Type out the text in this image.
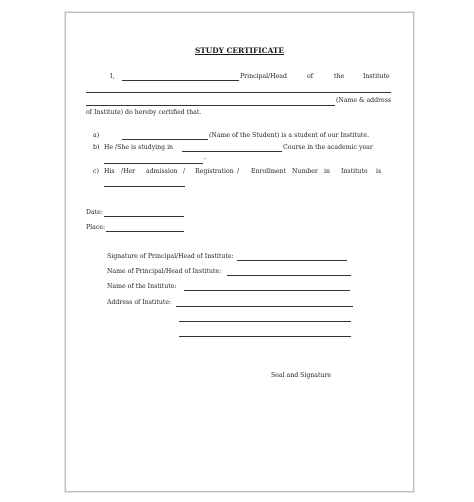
STUDY CERTIFICATE
I,	Principal/Head	of	the	Institute
(Name & address
of Institute) do hereby certified that.
a)	(Name of the Student) is a student of our Institute.
b) He /She is studying in	Course in the academic year
-
c) His /Her admission / Registration / Enrollment Number in Institute is
Date:
Place:
Signature of Principal/Head of Institute:
Name of Principal/Head of Institute:
Name of the Institute:
Address of Institute:
Seal and Signature
